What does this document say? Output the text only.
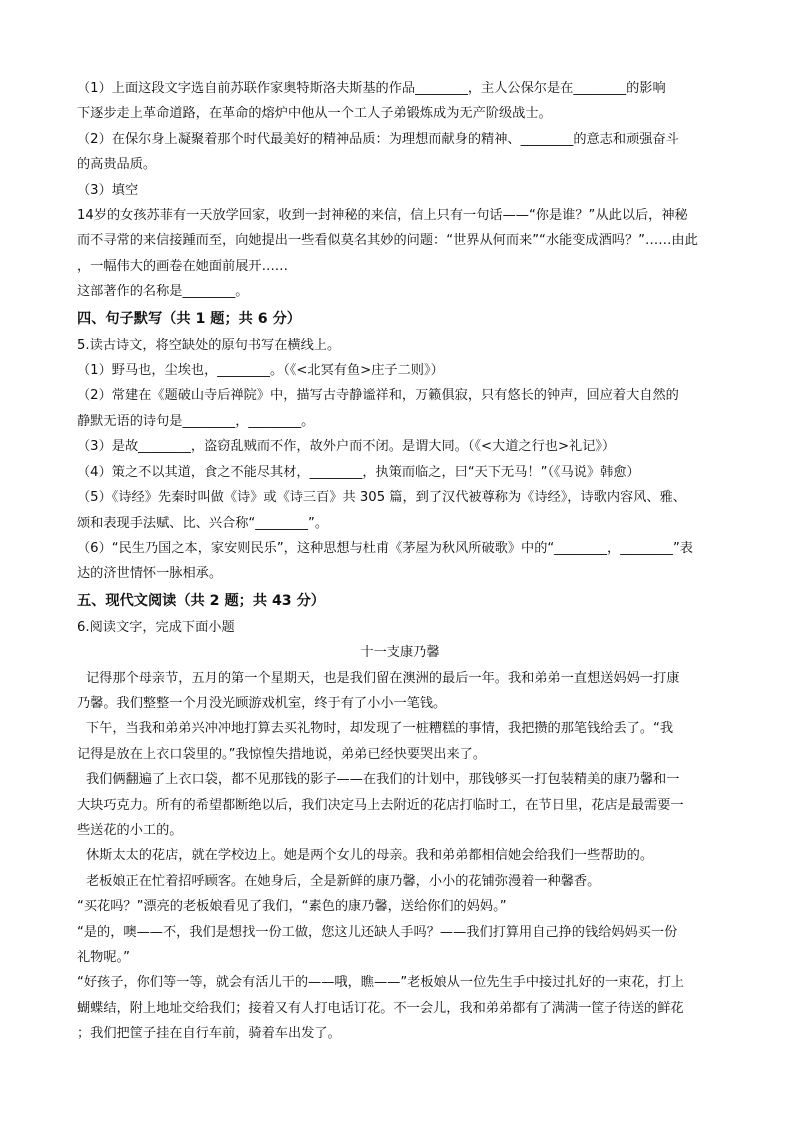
（1）上面这段文字选自前苏联作家奥特斯洛夫斯基的作品________，主人公保尔是在________的影响

下逐步走上革命道路，在革命的熔炉中他从一个工人子弟锻炼成为无产阶级战士。

（2）在保尔身上凝聚着那个时代最美好的精神品质：为理想而献身的精神、________的意志和顽强奋斗

的高贵品质。

（3）填空

14岁的女孩苏菲有一天放学回家，收到一封神秘的来信，信上只有一句话——“你是谁？”从此以后，神秘

而不寻常的来信接踵而至，向她提出一些看似莫名其妙的问题：“世界从何而来”“水能变成酒吗？”……由此

，一幅伟大的画卷在她面前展开……

这部著作的名称是________。

四、句子默写（共 1 题；共 6 分）

5.读古诗文，将空缺处的原句书写在横线上。

（1）野马也，尘埃也，________。（《<北冥有鱼>庄子二则》）

（2）常建在《题破山寺后禅院》中，描写古寺静谧祥和，万籁俱寂，只有悠长的钟声，回应着大自然的

静默无语的诗句是________，________。

（3）是故________，盗窃乱贼而不作，故外户而不闭。是谓大同。（《<大道之行也>礼记》）

（4）策之不以其道，食之不能尽其材，________，执策而临之，曰“天下无马！”（《马说》韩愈）

（5）《诗经》先秦时叫做《诗》或《诗三百》共 305 篇，到了汉代被尊称为《诗经》，诗歌内容风、雅、

颂和表现手法赋、比、兴合称“________”。

（6）“民生乃国之本，家安则民乐”，这种思想与杜甫《茅屋为秋风所破歌》中的“________，________”表

达的济世情怀一脉相承。

五、现代文阅读（共 2 题；共 43 分）

6.阅读文字，完成下面小题

十一支康乃馨

记得那个母亲节，五月的第一个星期天，也是我们留在澳洲的最后一年。我和弟弟一直想送妈妈一打康

乃馨。我们整整一个月没光顾游戏机室，终于有了小小一笔钱。

下午，当我和弟弟兴冲冲地打算去买礼物时，却发现了一桩糟糕的事情，我把攒的那笔钱给丢了。“我

记得是放在上衣口袋里的。”我惊惶失措地说，弟弟已经快要哭出来了。

我们俩翻遍了上衣口袋，都不见那钱的影子——在我们的计划中，那钱够买一打包装精美的康乃馨和一

大块巧克力。所有的希望都断绝以后，我们决定马上去附近的花店打临时工，在节日里，花店是最需要一

些送花的小工的。

休斯太太的花店，就在学校边上。她是两个女儿的母亲。我和弟弟都相信她会给我们一些帮助的。

老板娘正在忙着招呼顾客。在她身后，全是新鲜的康乃馨，小小的花铺弥漫着一种馨香。

“买花吗？”漂亮的老板娘看见了我们，“素色的康乃馨，送给你们的妈妈。”

“是的，噢——不，我们是想找一份工做，您这儿还缺人手吗？——我们打算用自己挣的钱给妈妈买一份

礼物呢。”

“好孩子，你们等一等，就会有活儿干的——哦，瞧——”老板娘从一位先生手中接过扎好的一束花，打上

蝴蝶结，附上地址交给我们；接着又有人打电话订花。不一会儿，我和弟弟都有了满满一筐子待送的鲜花

；我们把筐子挂在自行车前，骑着车出发了。
